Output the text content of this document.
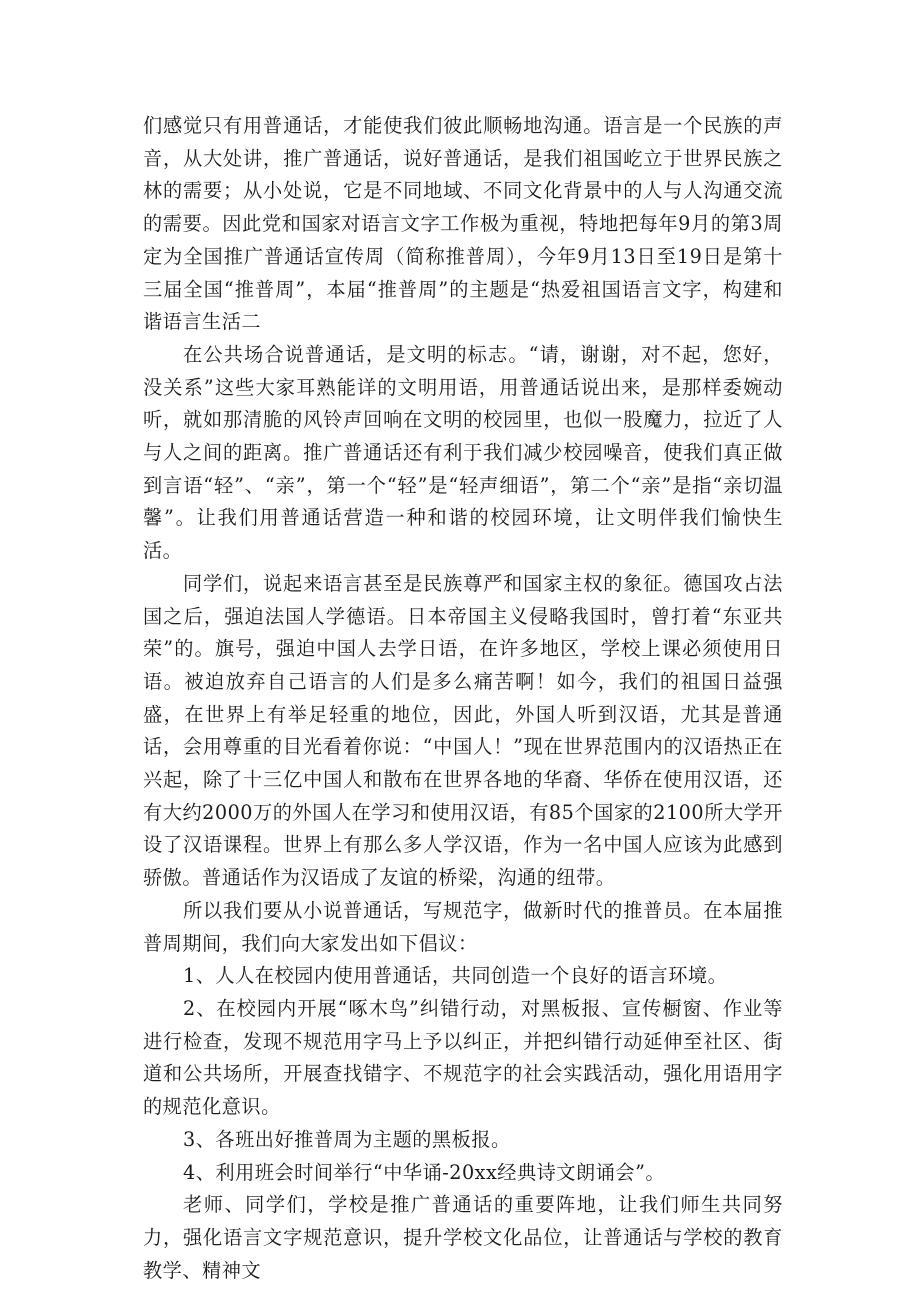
们感觉只有用普通话，才能使我们彼此顺畅地沟通。语言是一个民族的声音，从大处讲，推广普通话，说好普通话，是我们祖国屹立于世界民族之林的需要；从小处说，它是不同地域、不同文化背景中的人与人沟通交流的需要。因此党和国家对语言文字工作极为重视，特地把每年9月的第3周定为全国推广普通话宣传周（简称推普周），今年9月13日至19日是第十三届全国“推普周”，本届“推普周”的主题是“热爱祖国语言文字，构建和谐语言生活二

在公共场合说普通话，是文明的标志。“请，谢谢，对不起，您好，没关系”这些大家耳熟能详的文明用语，用普通话说出来，是那样委婉动听，就如那清脆的风铃声回响在文明的校园里，也似一股魔力，拉近了人与人之间的距离。推广普通话还有利于我们减少校园噪音，使我们真正做到言语“轻”、“亲”，第一个“轻”是“轻声细语”，第二个“亲”是指“亲切温馨”。让我们用普通话营造一种和谐的校园环境，让文明伴我们愉快生活。

同学们，说起来语言甚至是民族尊严和国家主权的象征。德国攻占法国之后，强迫法国人学德语。日本帝国主义侵略我国时，曾打着“东亚共荣”的。旗号，强迫中国人去学日语，在许多地区，学校上课必须使用日语。被迫放弃自己语言的人们是多么痛苦啊！如今，我们的祖国日益强盛，在世界上有举足轻重的地位，因此，外国人听到汉语，尤其是普通话，会用尊重的目光看着你说：“中国人！”现在世界范围内的汉语热正在兴起，除了十三亿中国人和散布在世界各地的华裔、华侨在使用汉语，还有大约2000万的外国人在学习和使用汉语，有85个国家的2100所大学开设了汉语课程。世界上有那么多人学汉语，作为一名中国人应该为此感到骄傲。普通话作为汉语成了友谊的桥梁，沟通的纽带。

所以我们要从小说普通话，写规范字，做新时代的推普员。在本届推普周期间，我们向大家发出如下倡议：

1、人人在校园内使用普通话，共同创造一个良好的语言环境。

2、在校园内开展“啄木鸟”纠错行动，对黑板报、宣传橱窗、作业等进行检查，发现不规范用字马上予以纠正，并把纠错行动延伸至社区、街道和公共场所，开展查找错字、不规范字的社会实践活动，强化用语用字的规范化意识。

3、各班出好推普周为主题的黑板报。

4、利用班会时间举行“中华诵-20xx经典诗文朗诵会”。

老师、同学们，学校是推广普通话的重要阵地，让我们师生共同努力，强化语言文字规范意识，提升学校文化品位，让普通话与学校的教育教学、精神文
